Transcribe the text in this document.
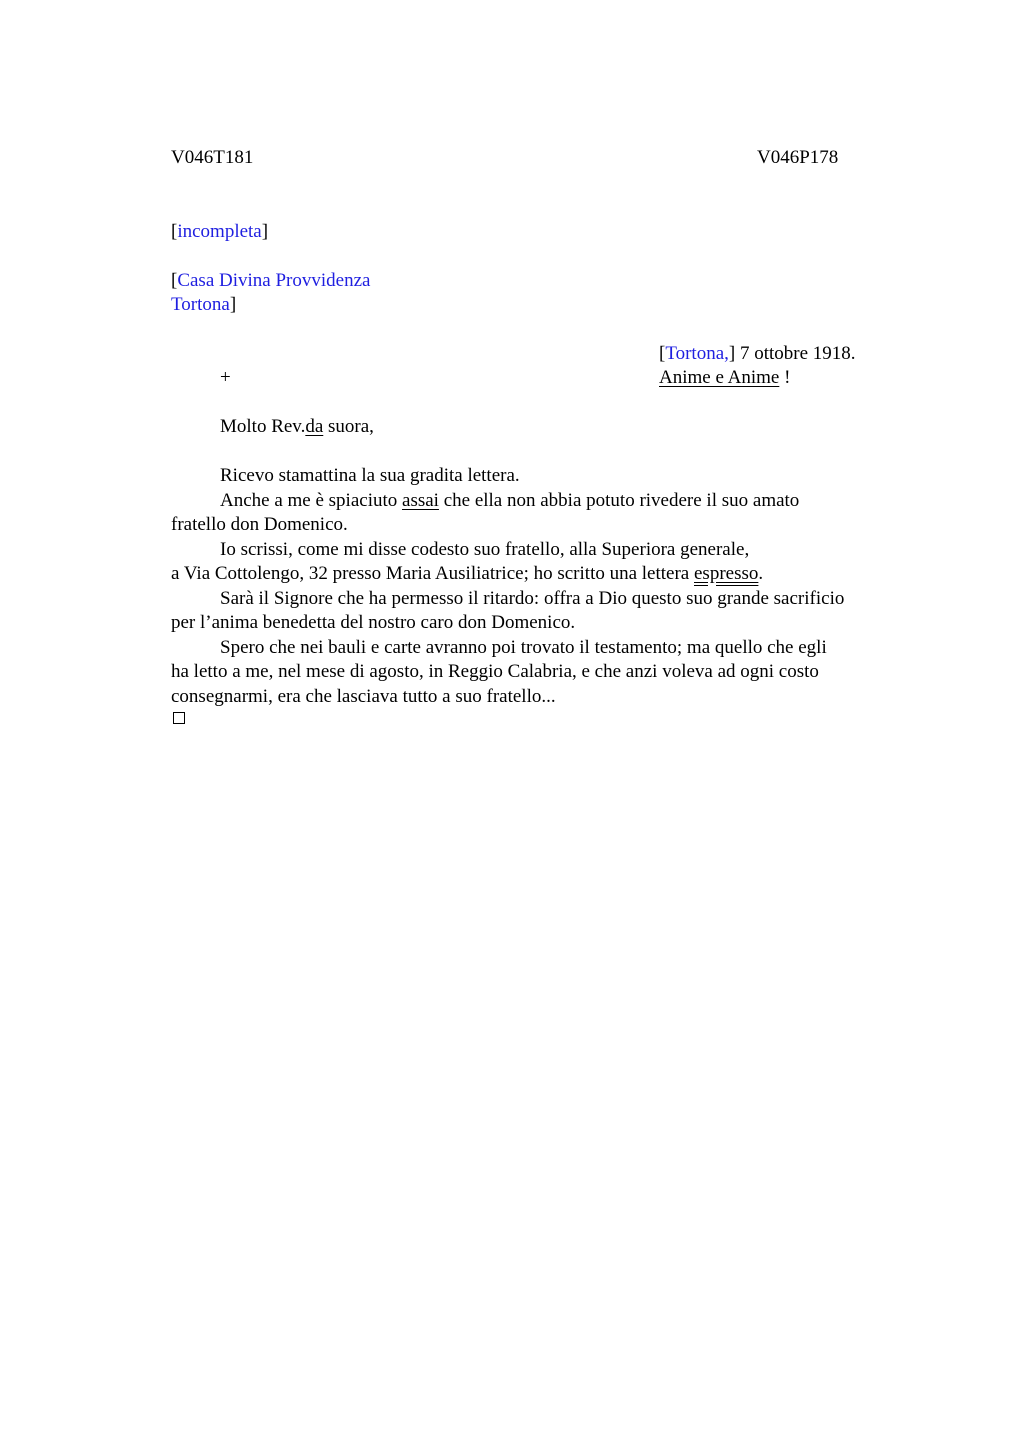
V046T181	V046P178
[incompleta]
[Casa Divina Provvidenza
Tortona]
[Tortona,] 7 ottobre 1918.
+	Anime e Anime !
Molto Rev.da suora,
Ricevo stamattina la sua gradita lettera.
Anche a me è spiaciuto assai che ella non abbia potuto rivedere il suo amato
fratello don Domenico.
Io scrissi, come mi disse codesto suo fratello, alla Superiora generale,
a Via Cottolengo, 32 presso Maria Ausiliatrice; ho scritto una lettera espresso.
Sarà il Signore che ha permesso il ritardo: offra a Dio questo suo grande sacrificio
per l’anima benedetta del nostro caro don Domenico.
Spero che nei bauli e carte avranno poi trovato il testamento; ma quello che egli
ha letto a me, nel mese di agosto, in Reggio Calabria, e che anzi voleva ad ogni costo
consegnarmi, era che lasciava tutto a suo fratello...
